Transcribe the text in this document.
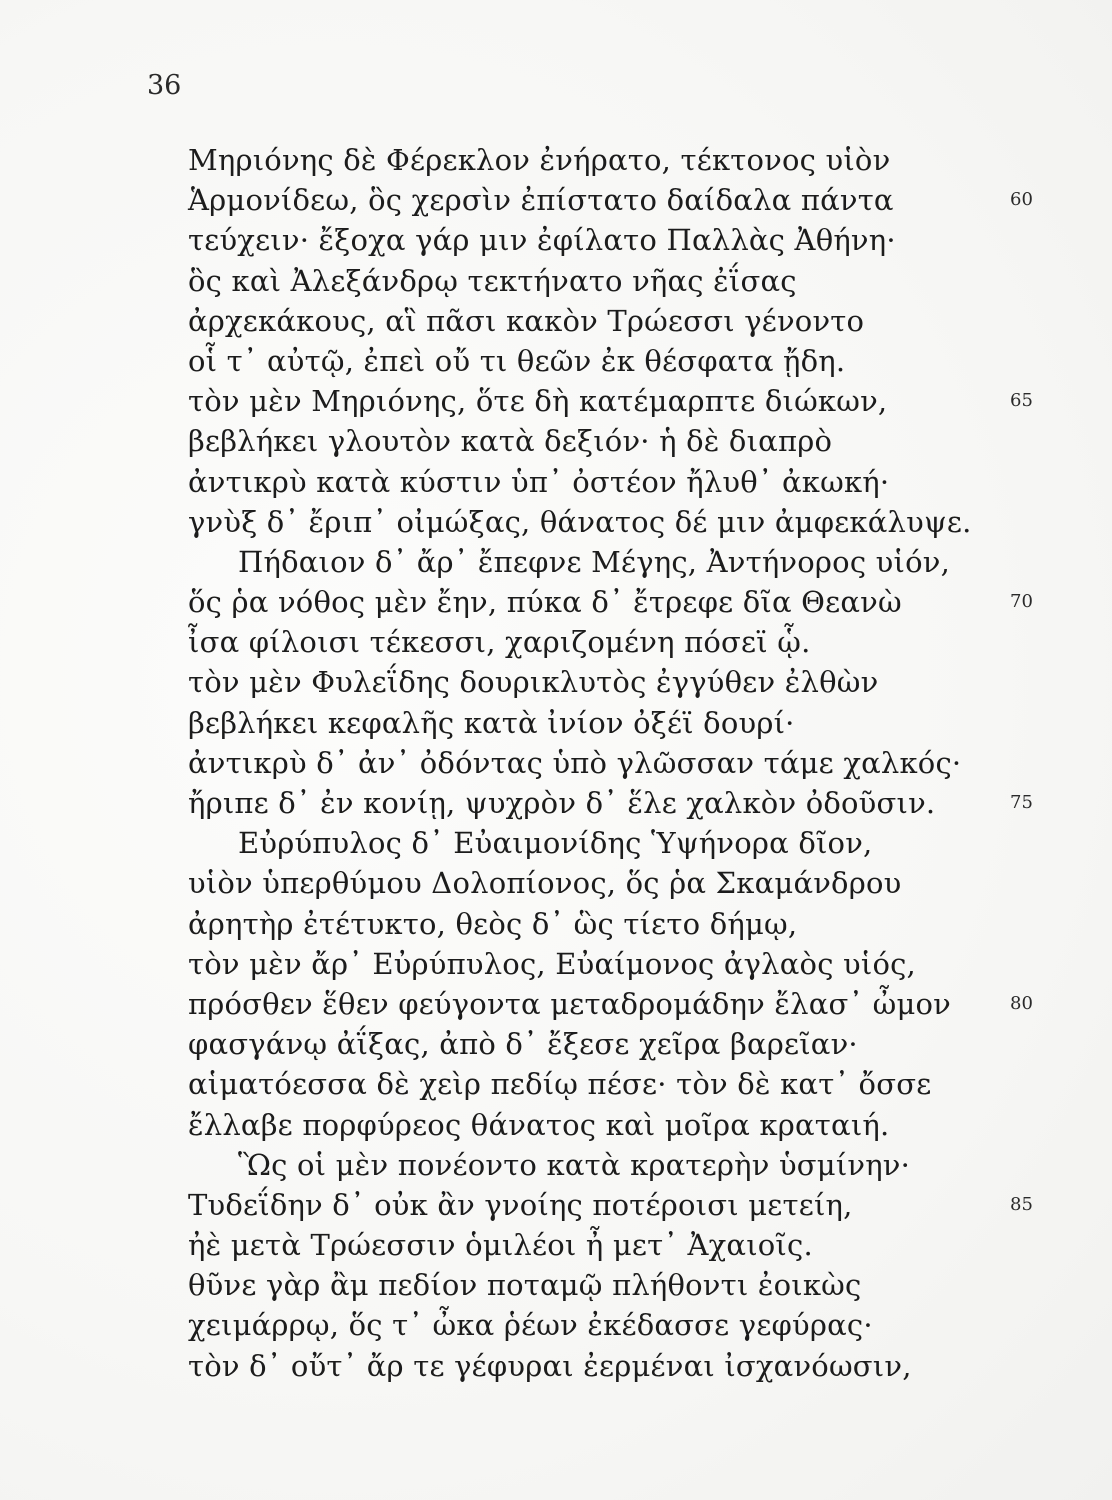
36
Μηριόνης δὲ Φέρεκλον ἐνήρατο, τέκτονος υἱὸν
Ἁρμονίδεω, ὃς χερσὶν ἐπίστατο δαίδαλα πάντα
τεύχειν· ἔξοχα γάρ μιν ἐφίλατο Παλλὰς Ἀθήνη·
ὃς καὶ Ἀλεξάνδρῳ τεκτήνατο νῆας ἐΐσας
ἀρχεκάκους, αἳ πᾶσι κακὸν Τρώεσσι γένοντο
οἷ τ᾽ αὐτῷ, ἐπεὶ οὔ τι θεῶν ἐκ θέσφατα ᾔδη.
τὸν μὲν Μηριόνης, ὅτε δὴ κατέμαρπτε διώκων,
βεβλήκει γλουτὸν κατὰ δεξιόν· ἡ δὲ διαπρὸ
ἀντικρὺ κατὰ κύστιν ὑπ᾽ ὀστέον ἤλυθ᾽ ἀκωκή·
γνὺξ δ᾽ ἔριπ᾽ οἰμώξας, θάνατος δέ μιν ἀμφεκάλυψε.
Πήδαιον δ᾽ ἄρ᾽ ἔπεφνε Μέγης, Ἀντήνορος υἱόν,
ὅς ῥα νόθος μὲν ἔην, πύκα δ᾽ ἔτρεφε δῖα Θεανὼ
ἶσα φίλοισι τέκεσσι, χαριζομένη πόσεϊ ᾧ.
τὸν μὲν Φυλεΐδης δουρικλυτὸς ἐγγύθεν ἐλθὼν
βεβλήκει κεφαλῆς κατὰ ἰνίον ὀξέϊ δουρί·
ἀντικρὺ δ᾽ ἀν᾽ ὀδόντας ὑπὸ γλῶσσαν τάμε χαλκός·
ἤριπε δ᾽ ἐν κονίῃ, ψυχρὸν δ᾽ ἕλε χαλκὸν ὀδοῦσιν.
Εὐρύπυλος δ᾽ Εὐαιμονίδης Ὑψήνορα δῖον,
υἱὸν ὑπερθύμου Δολοπίονος, ὅς ῥα Σκαμάνδρου
ἀρητὴρ ἐτέτυκτο, θεὸς δ᾽ ὣς τίετο δήμῳ,
τὸν μὲν ἄρ᾽ Εὐρύπυλος, Εὐαίμονος ἀγλαὸς υἱός,
πρόσθεν ἕθεν φεύγοντα μεταδρομάδην ἔλασ᾽ ὦμον
φασγάνῳ ἀΐξας, ἀπὸ δ᾽ ἔξεσε χεῖρα βαρεῖαν·
αἱματόεσσα δὲ χεὶρ πεδίῳ πέσε· τὸν δὲ κατ᾽ ὄσσε
ἔλλαβε πορφύρεος θάνατος καὶ μοῖρα κραταιή.
Ὣς οἱ μὲν πονέοντο κατὰ κρατερὴν ὑσμίνην·
Τυδεΐδην δ᾽ οὐκ ἂν γνοίης ποτέροισι μετείη,
ἠὲ μετὰ Τρώεσσιν ὁμιλέοι ἦ μετ᾽ Ἀχαιοῖς.
θῦνε γὰρ ἂμ πεδίον ποταμῷ πλήθοντι ἐοικὼς
χειμάρρῳ, ὅς τ᾽ ὦκα ῥέων ἐκέδασσε γεφύρας·
τὸν δ᾽ οὔτ᾽ ἄρ τε γέφυραι ἐερμέναι ἰσχανόωσιν,
60
65
70
75
80
85
